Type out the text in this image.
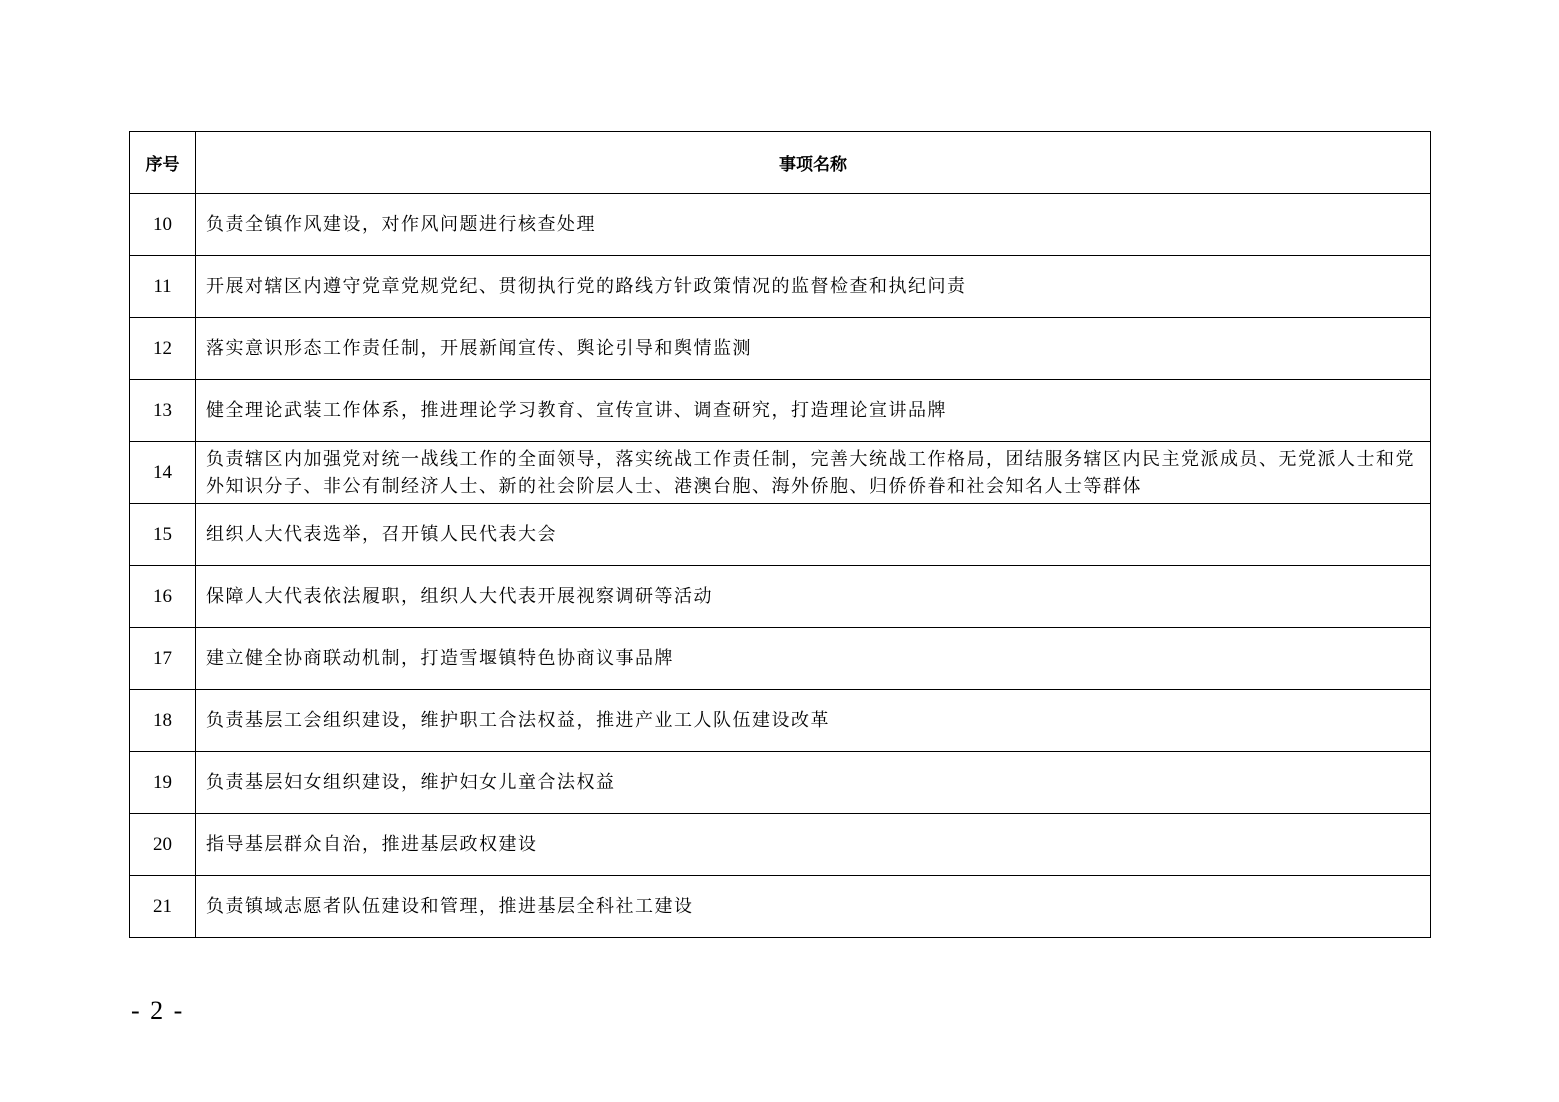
序号	事项名称
10	负责全镇作风建设，对作风问题进行核查处理
11	开展对辖区内遵守党章党规党纪、贯彻执行党的路线方针政策情况的监督检查和执纪问责
12	落实意识形态工作责任制，开展新闻宣传、舆论引导和舆情监测
13	健全理论武装工作体系，推进理论学习教育、宣传宣讲、调查研究，打造理论宣讲品牌
14	负责辖区内加强党对统一战线工作的全面领导，落实统战工作责任制，完善大统战工作格局，团结服务辖区内民主党派成员、无党派人士和党外知识分子、非公有制经济人士、新的社会阶层人士、港澳台胞、海外侨胞、归侨侨眷和社会知名人士等群体
15	组织人大代表选举，召开镇人民代表大会
16	保障人大代表依法履职，组织人大代表开展视察调研等活动
17	建立健全协商联动机制，打造雪堰镇特色协商议事品牌
18	负责基层工会组织建设，维护职工合法权益，推进产业工人队伍建设改革
19	负责基层妇女组织建设，维护妇女儿童合法权益
20	指导基层群众自治，推进基层政权建设
21	负责镇域志愿者队伍建设和管理，推进基层全科社工建设
- 2 -
